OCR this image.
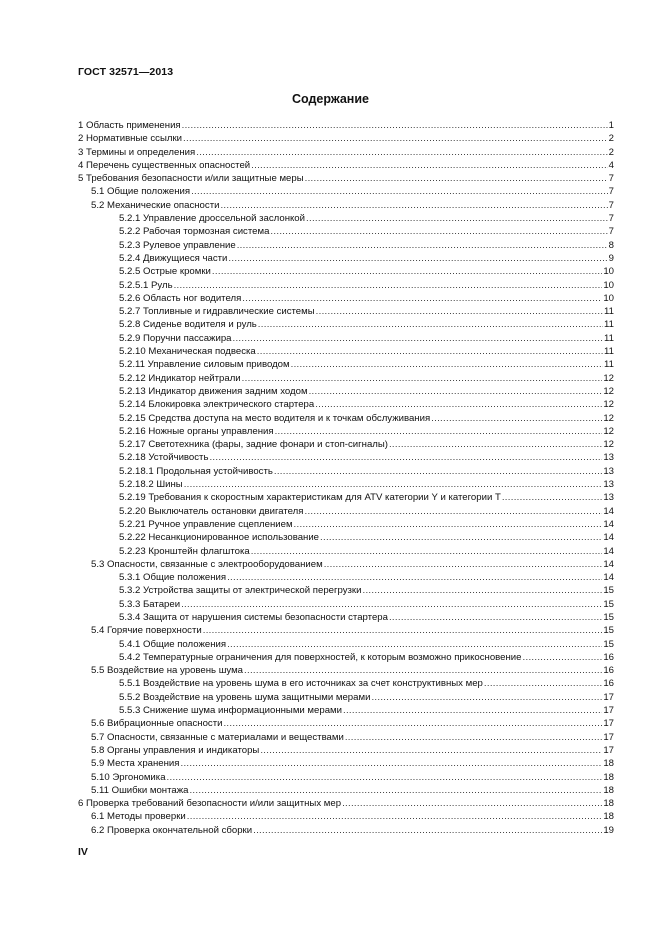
ГОСТ 32571—2013
Содержание
1 Область применения .....	1
2 Нормативные ссылки .....	2
3 Термины и определения .....	2
4 Перечень существенных опасностей .....	4
5 Требования безопасности и/или защитные меры .....	7
5.1 Общие положения .....	7
5.2 Механические опасности .....	7
5.2.1 Управление дроссельной заслонкой .....	7
5.2.2 Рабочая тормозная система .....	7
5.2.3 Рулевое управление .....	8
5.2.4 Движущиеся части .....	9
5.2.5 Острые кромки .....	10
5.2.5.1 Руль .....	10
5.2.6 Область ног водителя .....	10
5.2.7 Топливные и гидравлические системы .....	11
5.2.8 Сиденье водителя и руль .....	11
5.2.9 Поручни пассажира .....	11
5.2.10 Механическая подвеска .....	11
5.2.11 Управление силовым приводом .....	11
5.2.12 Индикатор нейтрали .....	12
5.2.13 Индикатор движения задним ходом .....	12
5.2.14 Блокировка электрического стартера .....	12
5.2.15 Средства доступа на место водителя и к точкам обслуживания .....	12
5.2.16 Ножные органы управления .....	12
5.2.17 Светотехника (фары, задние фонари и стоп-сигналы) .....	12
5.2.18 Устойчивость .....	13
5.2.18.1 Продольная устойчивость .....	13
5.2.18.2 Шины .....	13
5.2.19 Требования к скоростным характеристикам для ATV категории Y и категории T .....	13
5.2.20 Выключатель остановки двигателя .....	14
5.2.21 Ручное управление сцеплением .....	14
5.2.22 Несанкционированное использование .....	14
5.2.23 Кронштейн флагштока .....	14
5.3 Опасности, связанные с электрооборудованием .....	14
5.3.1 Общие положения .....	14
5.3.2 Устройства защиты от электрической перегрузки .....	15
5.3.3 Батареи .....	15
5.3.4 Защита от нарушения системы безопасности стартера .....	15
5.4 Горячие поверхности .....	15
5.4.1 Общие положения .....	15
5.4.2 Температурные ограничения для поверхностей, к которым возможно прикосновение .....	16
5.5 Воздействие на уровень шума .....	16
5.5.1 Воздействие на уровень шума в его источниках за счет конструктивных мер .....	16
5.5.2 Воздействие на уровень шума защитными мерами .....	17
5.5.3 Снижение шума информационными мерами .....	17
5.6 Вибрационные опасности .....	17
5.7 Опасности, связанные с материалами и веществами .....	17
5.8 Органы управления и индикаторы .....	17
5.9 Места хранения .....	18
5.10 Эргономика .....	18
5.11 Ошибки монтажа .....	18
6 Проверка требований безопасности и/или защитных мер .....	18
6.1 Методы проверки .....	18
6.2 Проверка окончательной сборки .....	19
IV
